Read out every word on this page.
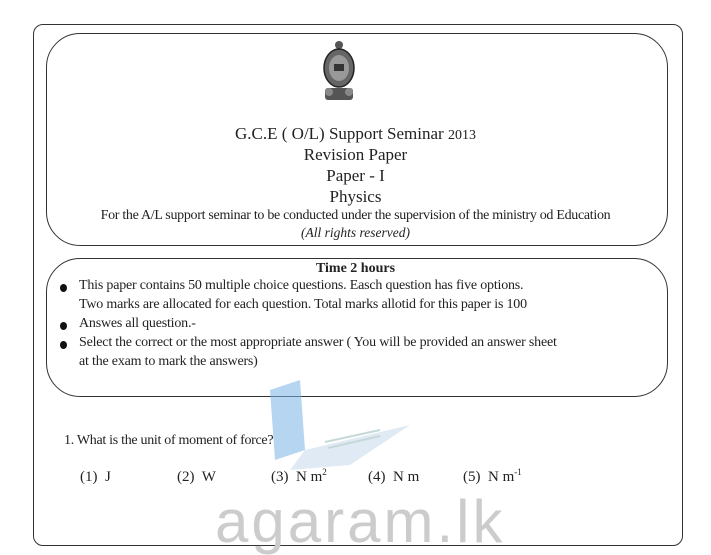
G.C.E ( O/L) Support Seminar 2013
Revision Paper
Paper - I
Physics
For the A/L support seminar to be conducted under the supervision of the ministry od Education
(All rights reserved)
Time 2 hours
This paper contains 50 multiple choice questions. Easch question has five options.
Two marks are allocated for each question. Total marks allotid for this paper is 100
Answes all question.-
Select the correct or the most appropriate answer ( You will be provided an answer sheet
at the exam to mark the answers)
agaram.lk
1. What is the unit of moment of force?
(1) J	(2) W	(3) N $m^2$	(4) N m	(5) N $m^{-1}$
